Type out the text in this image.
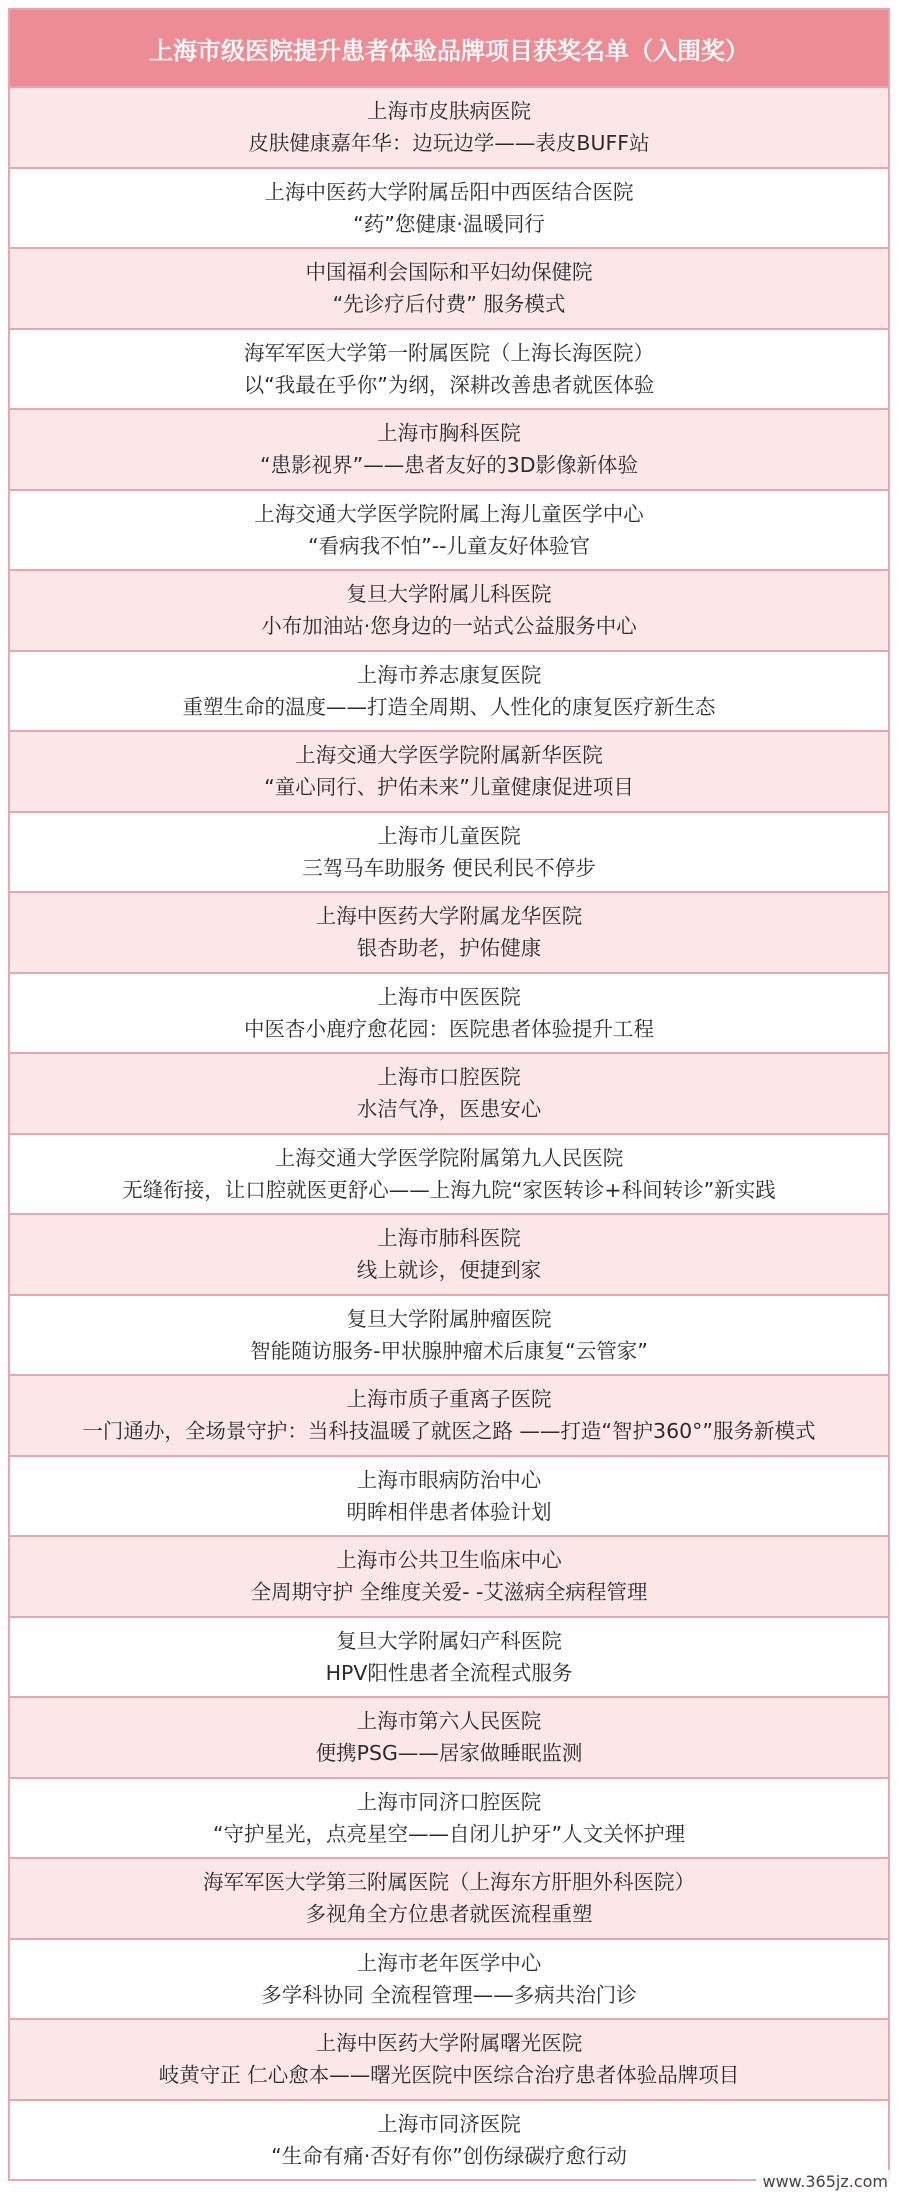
上海市级医院提升患者体验品牌项目获奖名单（入围奖）
上海市皮肤病医院
皮肤健康嘉年华：边玩边学——表皮BUFF站
上海中医药大学附属岳阳中西医结合医院
“药”您健康·温暖同行
中国福利会国际和平妇幼保健院
“先诊疗后付费” 服务模式
海军军医大学第一附属医院（上海长海医院）
以“我最在乎你”为纲，深耕改善患者就医体验
上海市胸科医院
“患影视界”——患者友好的3D影像新体验
上海交通大学医学院附属上海儿童医学中心
“看病我不怕”--儿童友好体验官
复旦大学附属儿科医院
小布加油站·您身边的一站式公益服务中心
上海市养志康复医院
重塑生命的温度——打造全周期、人性化的康复医疗新生态
上海交通大学医学院附属新华医院
“童心同行、护佑未来”儿童健康促进项目
上海市儿童医院
三驾马车助服务 便民利民不停步
上海中医药大学附属龙华医院
银杏助老，护佑健康
上海市中医医院
中医杏小鹿疗愈花园：医院患者体验提升工程
上海市口腔医院
水洁气净，医患安心
上海交通大学医学院附属第九人民医院
无缝衔接，让口腔就医更舒心——上海九院“家医转诊+科间转诊”新实践
上海市肺科医院
线上就诊，便捷到家
复旦大学附属肿瘤医院
智能随访服务-甲状腺肿瘤术后康复“云管家”
上海市质子重离子医院
一门通办，全场景守护：当科技温暖了就医之路 ——打造“智护360°”服务新模式
上海市眼病防治中心
明眸相伴患者体验计划
上海市公共卫生临床中心
全周期守护 全维度关爱- -艾滋病全病程管理
复旦大学附属妇产科医院
HPV阳性患者全流程式服务
上海市第六人民医院
便携PSG——居家做睡眠监测
上海市同济口腔医院
“守护星光，点亮星空——自闭儿护牙”人文关怀护理
海军军医大学第三附属医院（上海东方肝胆外科医院）
多视角全方位患者就医流程重塑
上海市老年医学中心
多学科协同 全流程管理——多病共治门诊
上海中医药大学附属曙光医院
岐黄守正 仁心愈本——曙光医院中医综合治疗患者体验品牌项目
上海市同济医院
“生命有痛·否好有你”创伤绿碳疗愈行动
www.365jz.com
